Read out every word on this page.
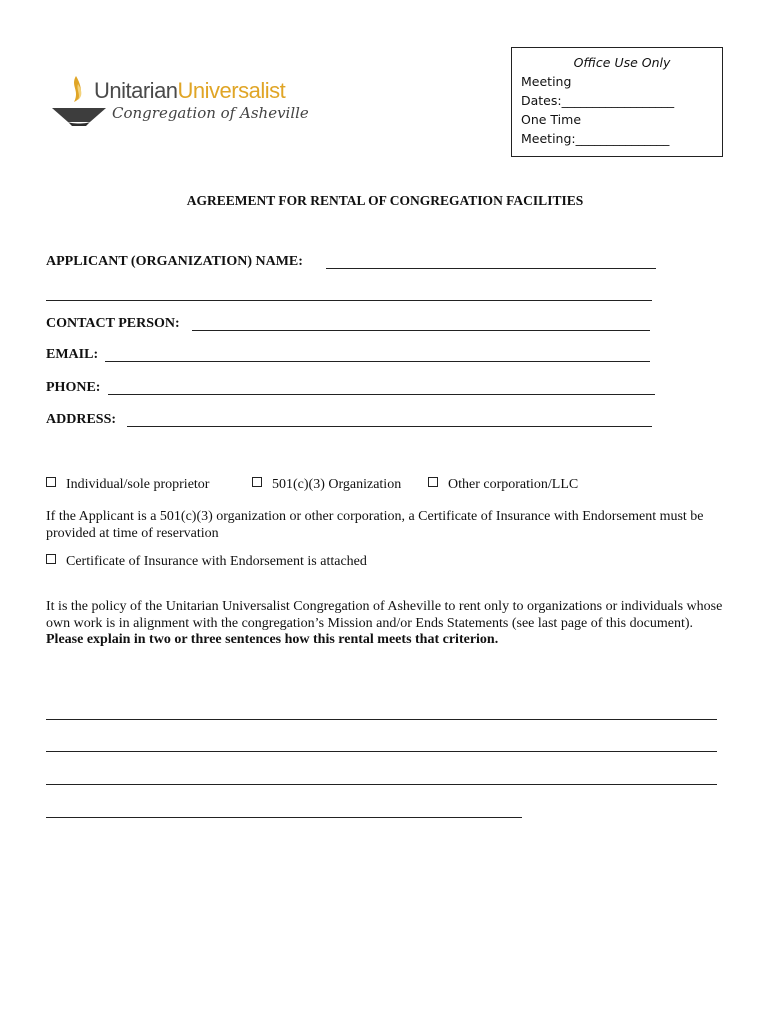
UnitarianUniversalist
Congregation of Asheville
Office Use Only
Meeting
Dates:__________________
One Time
Meeting:_______________
AGREEMENT FOR RENTAL OF CONGREGATION FACILITIES
APPLICANT (ORGANIZATION) NAME:
CONTACT PERSON:
EMAIL:
PHONE:
ADDRESS:
Individual/sole proprietor	501(c)(3) Organization	Other corporation/LLC
If the Applicant is a 501(c)(3) organization or other corporation, a Certificate of Insurance with Endorsement must be provided at time of reservation
Certificate of Insurance with Endorsement is attached
It is the policy of the Unitarian Universalist Congregation of Asheville to rent only to organizations or individuals whose own work is in alignment with the congregation’s Mission and/or Ends Statements (see last page of this document).  Please explain in two or three sentences how this rental meets that criterion.
